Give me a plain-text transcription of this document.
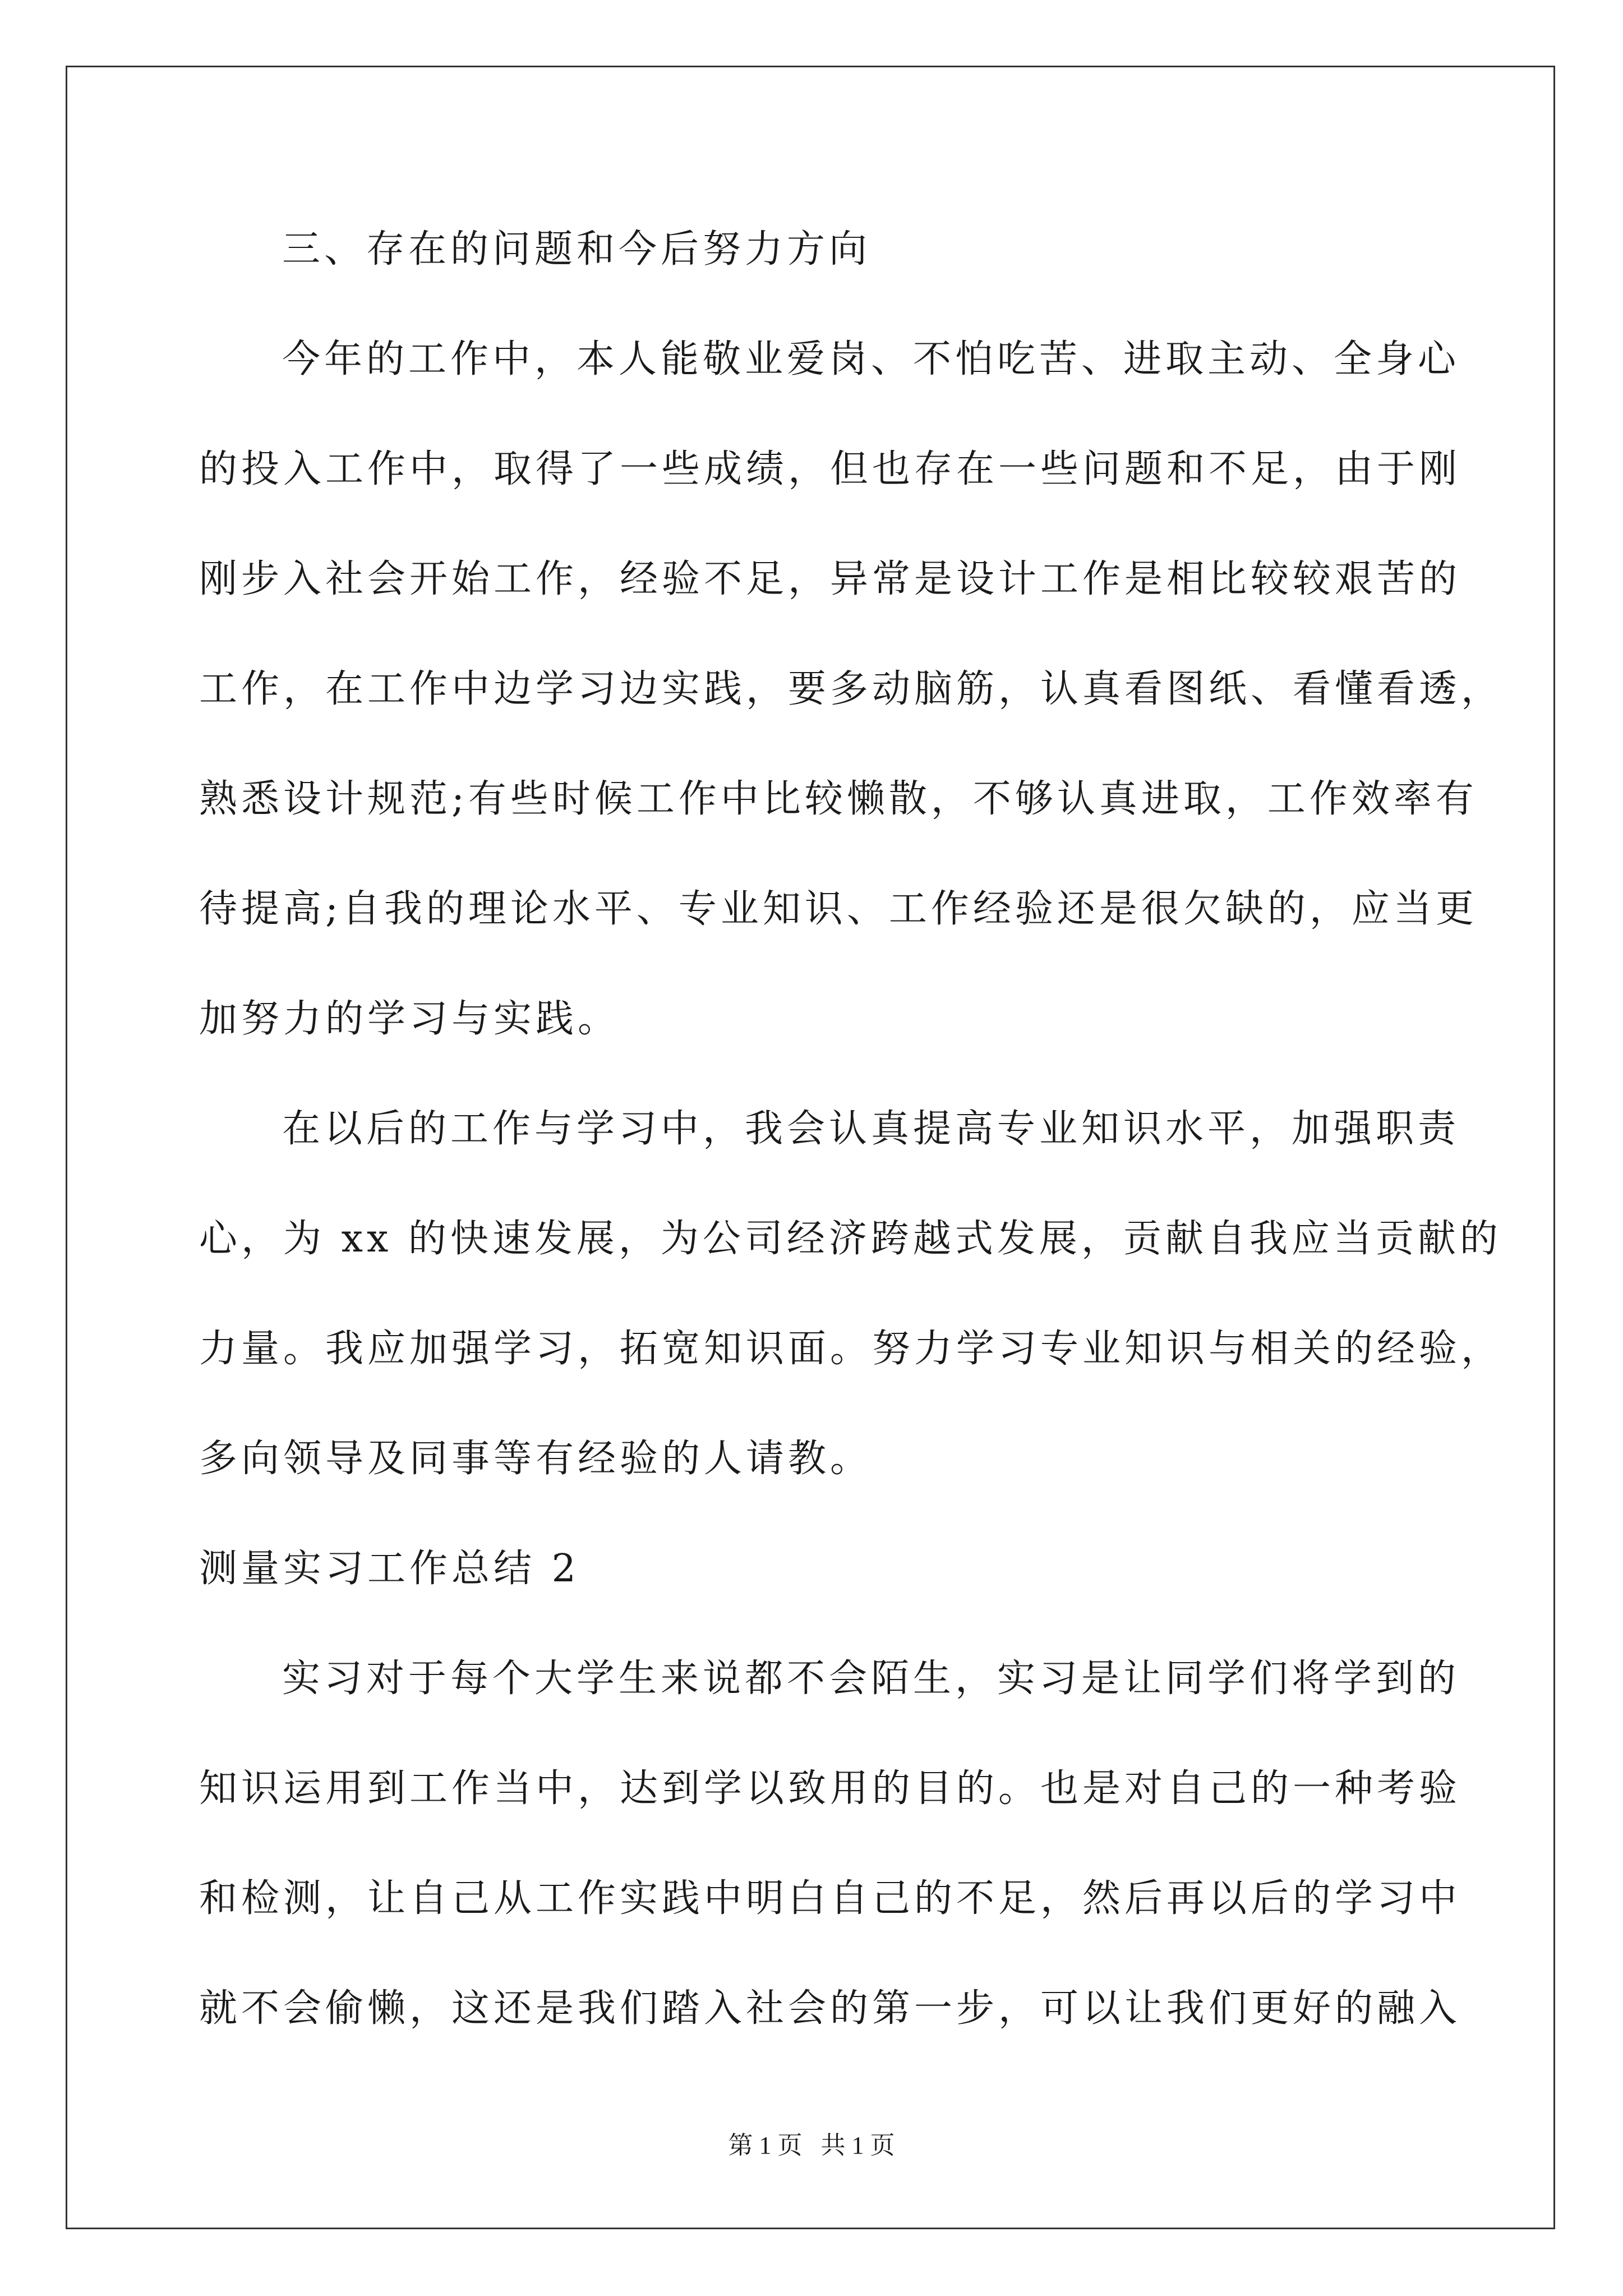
三、存在的问题和今后努力方向
今年的工作中，本人能敬业爱岗、不怕吃苦、进取主动、全身心
的投入工作中，取得了一些成绩，但也存在一些问题和不足，由于刚
刚步入社会开始工作，经验不足，异常是设计工作是相比较较艰苦的
工作，在工作中边学习边实践，要多动脑筋，认真看图纸、看懂看透，
熟悉设计规范;有些时候工作中比较懒散，不够认真进取，工作效率有
待提高;自我的理论水平、专业知识、工作经验还是很欠缺的，应当更
加努力的学习与实践。
在以后的工作与学习中，我会认真提高专业知识水平，加强职责
心，为 xx 的快速发展，为公司经济跨越式发展，贡献自我应当贡献的
力量。我应加强学习，拓宽知识面。努力学习专业知识与相关的经验，
多向领导及同事等有经验的人请教。
测量实习工作总结 2
实习对于每个大学生来说都不会陌生，实习是让同学们将学到的
知识运用到工作当中，达到学以致用的目的。也是对自己的一种考验
和检测，让自己从工作实践中明白自己的不足，然后再以后的学习中
就不会偷懒，这还是我们踏入社会的第一步，可以让我们更好的融入
第 1 页   共 1 页
